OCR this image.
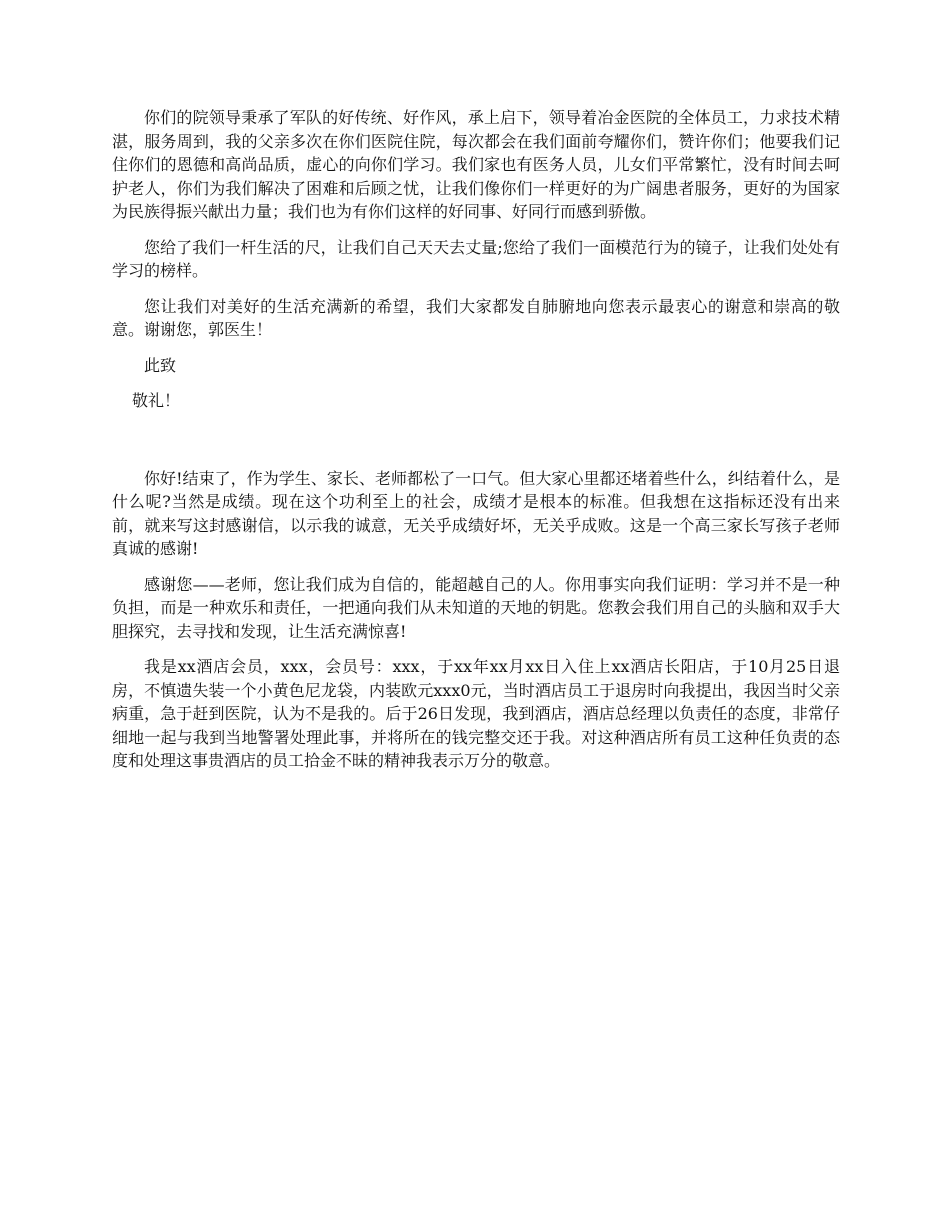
你们的院领导秉承了军队的好传统、好作风，承上启下，领导着冶金医院的全体员工，力求技术精湛，服务周到，我的父亲多次在你们医院住院，每次都会在我们面前夸耀你们，赞许你们；他要我们记住你们的恩德和高尚品质，虚心的向你们学习。我们家也有医务人员，儿女们平常繁忙，没有时间去呵护老人，你们为我们解决了困难和后顾之忧，让我们像你们一样更好的为广阔患者服务，更好的为国家为民族得振兴献出力量；我们也为有你们这样的好同事、好同行而感到骄傲。

您给了我们一杆生活的尺，让我们自己天天去丈量;您给了我们一面模范行为的镜子，让我们处处有学习的榜样。

您让我们对美好的生活充满新的希望，我们大家都发自肺腑地向您表示最衷心的谢意和崇高的敬意。谢谢您，郭医生！

此致

敬礼！

你好!结束了，作为学生、家长、老师都松了一口气。但大家心里都还堵着些什么，纠结着什么，是什么呢?当然是成绩。现在这个功利至上的社会，成绩才是根本的标准。但我想在这指标还没有出来前，就来写这封感谢信，以示我的诚意，无关乎成绩好坏，无关乎成败。这是一个高三家长写孩子老师真诚的感谢!

感谢您——老师，您让我们成为自信的，能超越自己的人。你用事实向我们证明：学习并不是一种负担，而是一种欢乐和责任，一把通向我们从未知道的天地的钥匙。您教会我们用自己的头脑和双手大胆探究，去寻找和发现，让生活充满惊喜!

我是xx酒店会员，xxx，会员号：xxx，于xx年xx月xx日入住上xx酒店长阳店，于10月25日退房，不慎遗失装一个小黄色尼龙袋，内装欧元xxx0元，当时酒店员工于退房时向我提出，我因当时父亲病重，急于赶到医院，认为不是我的。后于26日发现，我到酒店，酒店总经理以负责任的态度，非常仔细地一起与我到当地警署处理此事，并将所在的钱完整交还于我。对这种酒店所有员工这种任负责的态度和处理这事贵酒店的员工拾金不昧的精神我表示万分的敬意。
